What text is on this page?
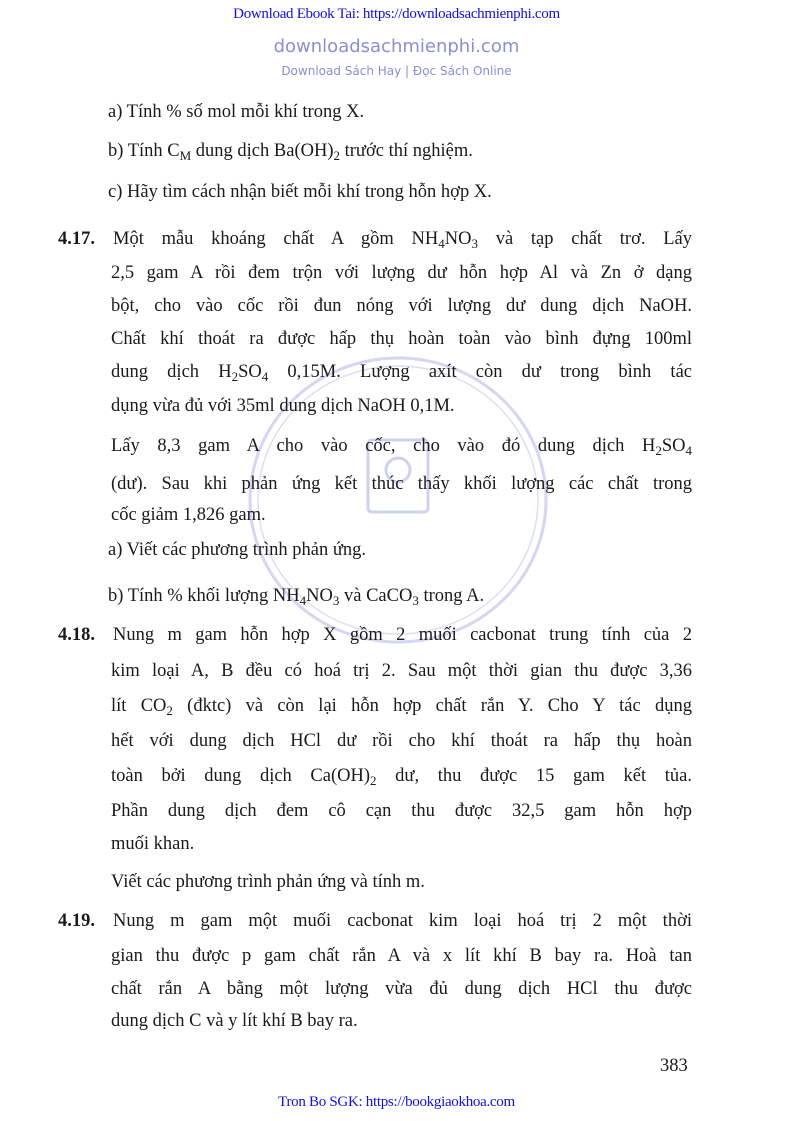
Download Ebook Tai: https://downloadsachmienphi.com
downloadsachmienphi.com
Download Sách Hay | Đọc Sách Online
a) Tính % số mol mỗi khí trong X.
b) Tính $C_M$ dung dịch $Ba(OH)_2$ trước thí nghiệm.
c) Hãy tìm cách nhận biết mỗi khí trong hỗn hợp X.
Một mẫu khoáng chất A gồm $NH_4NO_3$ và tạp chất trơ. Lấy
2,5 gam A rồi đem trộn với lượng dư hỗn hợp Al và Zn ở dạng
bột, cho vào cốc rồi đun nóng với lượng dư dung dịch NaOH.
Chất khí thoát ra được hấp thụ hoàn toàn vào bình đựng 100ml
dung dịch $H_2SO_4$ 0,15M. Lượng axít còn dư trong bình tác
dụng vừa đủ với 35ml dung dịch NaOH 0,1M.
Lấy 8,3 gam A cho vào cốc, cho vào đó dung dịch $H_2SO_4$
(dư). Sau khi phản ứng kết thúc thấy khối lượng các chất trong
cốc giảm 1,826 gam.
a) Viết các phương trình phản ứng.
b) Tính % khối lượng $NH_4NO_3$ và CaCO$_3$ trong A.
Nung m gam hỗn hợp X gồm 2 muối cacbonat trung tính của 2
kim loại A, B đều có hoá trị 2. Sau một thời gian thu được 3,36
lít $CO_2$ (đktc) và còn lại hỗn hợp chất rắn Y. Cho Y tác dụng
hết với dung dịch HCl dư rồi cho khí thoát ra hấp thụ hoàn
toàn bởi dung dịch $Ca(OH)_2$ dư, thu được 15 gam kết tủa.
Phần dung dịch đem cô cạn thu được 32,5 gam hỗn hợp
muối khan.
Viết các phương trình phản ứng và tính m.
Nung m gam một muối cacbonat kim loại hoá trị 2 một thời
gian thu được p gam chất rắn A và x lít khí B bay ra. Hoà tan
chất rắn A bằng một lượng vừa đủ dung dịch HCl thu được
dung dịch C và y lít khí B bay ra.
4.17.
4.18.
4.19.
383
Tron Bo SGK: https://bookgiaokhoa.com
